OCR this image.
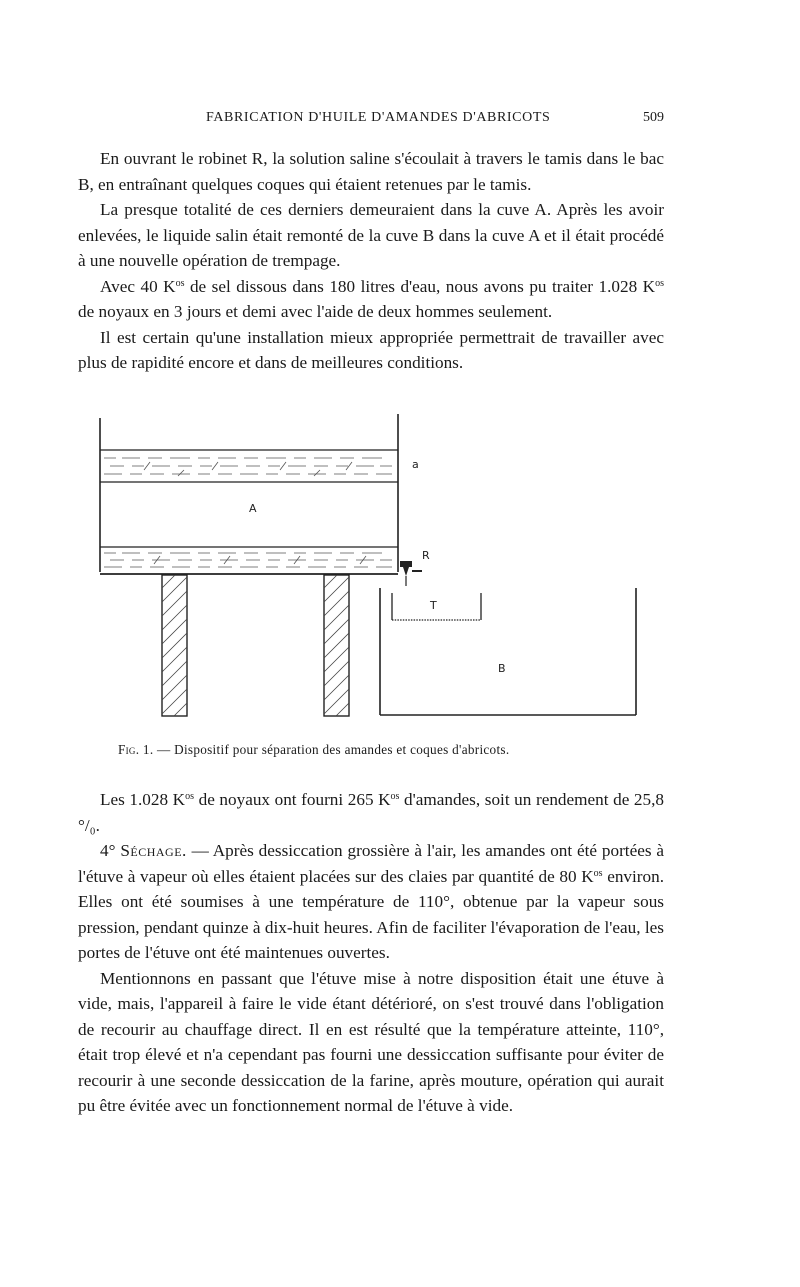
FABRICATION D'HUILE D'AMANDES D'ABRICOTS	509

En ouvrant le robinet R, la solution saline s'écoulait à travers le tamis dans le bac B, en entraînant quelques coques qui étaient retenues par le tamis.

La presque totalité de ces derniers demeuraient dans la cuve A. Après les avoir enlevées, le liquide salin était remonté de la cuve B dans la cuve A et il était procédé à une nouvelle opération de trempage.

Avec 40 $K^{os}$ de sel dissous dans 180 litres d'eau, nous avons pu traiter 1.028 $K^{os}$ de noyaux en 3 jours et demi avec l'aide de deux hommes seulement.

Il est certain qu'une installation mieux appropriée permettrait de travailler avec plus de rapidité encore et dans de meilleures conditions.

a
A
R
T
B
Fig. 1. — Dispositif pour séparation des amandes et coques d'abricots.

Les 1.028 $K^{os}$ de noyaux ont fourni 265 $K^{os}$ d'amandes, soit un rendement de 25,8 °/₀.

4° Séchage. — Après dessiccation grossière à l'air, les amandes ont été portées à l'étuve à vapeur où elles étaient placées sur des claies par quantité de 80 $K^{os}$ environ. Elles ont été soumises à une température de 110°, obtenue par la vapeur sous pression, pendant quinze à dix-huit heures. Afin de faciliter l'évaporation de l'eau, les portes de l'étuve ont été maintenues ouvertes.

Mentionnons en passant que l'étuve mise à notre disposition était une étuve à vide, mais, l'appareil à faire le vide étant détérioré, on s'est trouvé dans l'obligation de recourir au chauffage direct. Il en est résulté que la température atteinte, 110°, était trop élevé et n'a cependant pas fourni une dessiccation suffisante pour éviter de recourir à une seconde dessiccation de la farine, après mouture, opération qui aurait pu être évitée avec un fonctionnement normal de l'étuve à vide.
